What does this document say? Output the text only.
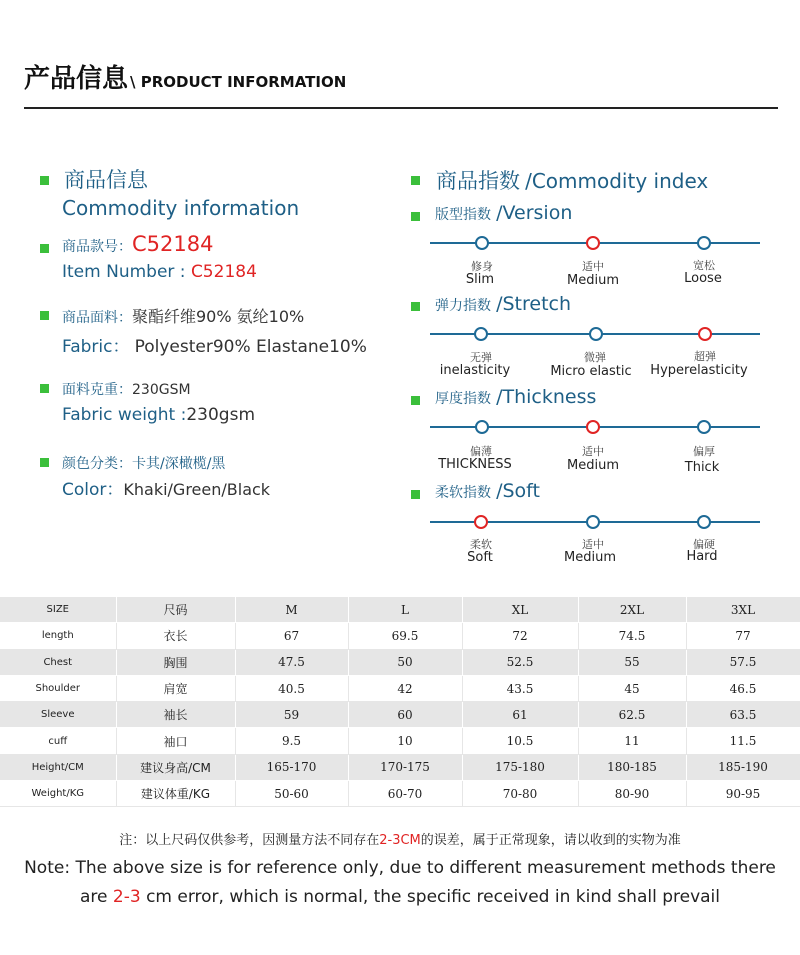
产品信息 \ PRODUCT INFORMATION
商品信息
Commodity information
商品款号：C52184
Item Number : C52184
商品面料：聚酯纤维90% 氨纶10%
Fabric： Polyester90% Elastane10%
面料克重：230GSM
Fabric weight :230gsm
颜色分类：卡其/深橄榄/黑
Color：Khaki/Green/Black
商品指数 /Commodity index
版型指数 /Version
修身
Slim
适中
Medium
宽松
Loose
弹力指数 /Stretch
无弹
inelasticity
微弹
Micro elastic
超弹
Hyperelasticity
厚度指数 /Thickness
偏薄
THICKNESS
适中
Medium
偏厚
Thick
柔软指数 /Soft
柔软
Soft
适中
Medium
偏硬
Hard
SIZE	尺码	M	L	XL	2XL	3XL
length	衣长	67	69.5	72	74.5	77
Chest	胸围	47.5	50	52.5	55	57.5
Shoulder	肩宽	40.5	42	43.5	45	46.5
Sleeve	袖长	59	60	61	62.5	63.5
cuff	袖口	9.5	10	10.5	11	11.5
Height/CM	建议身高/CM	165-170	170-175	175-180	180-185	185-190
Weight/KG	建议体重/KG	50-60	60-70	70-80	80-90	90-95
注：以上尺码仅供参考，因测量方法不同存在2-3CM的误差，属于正常现象，请以收到的实物为准
Note: The above size is for reference only, due to different measurement methods there
are 2-3 cm error, which is normal, the specific received in kind shall prevail
